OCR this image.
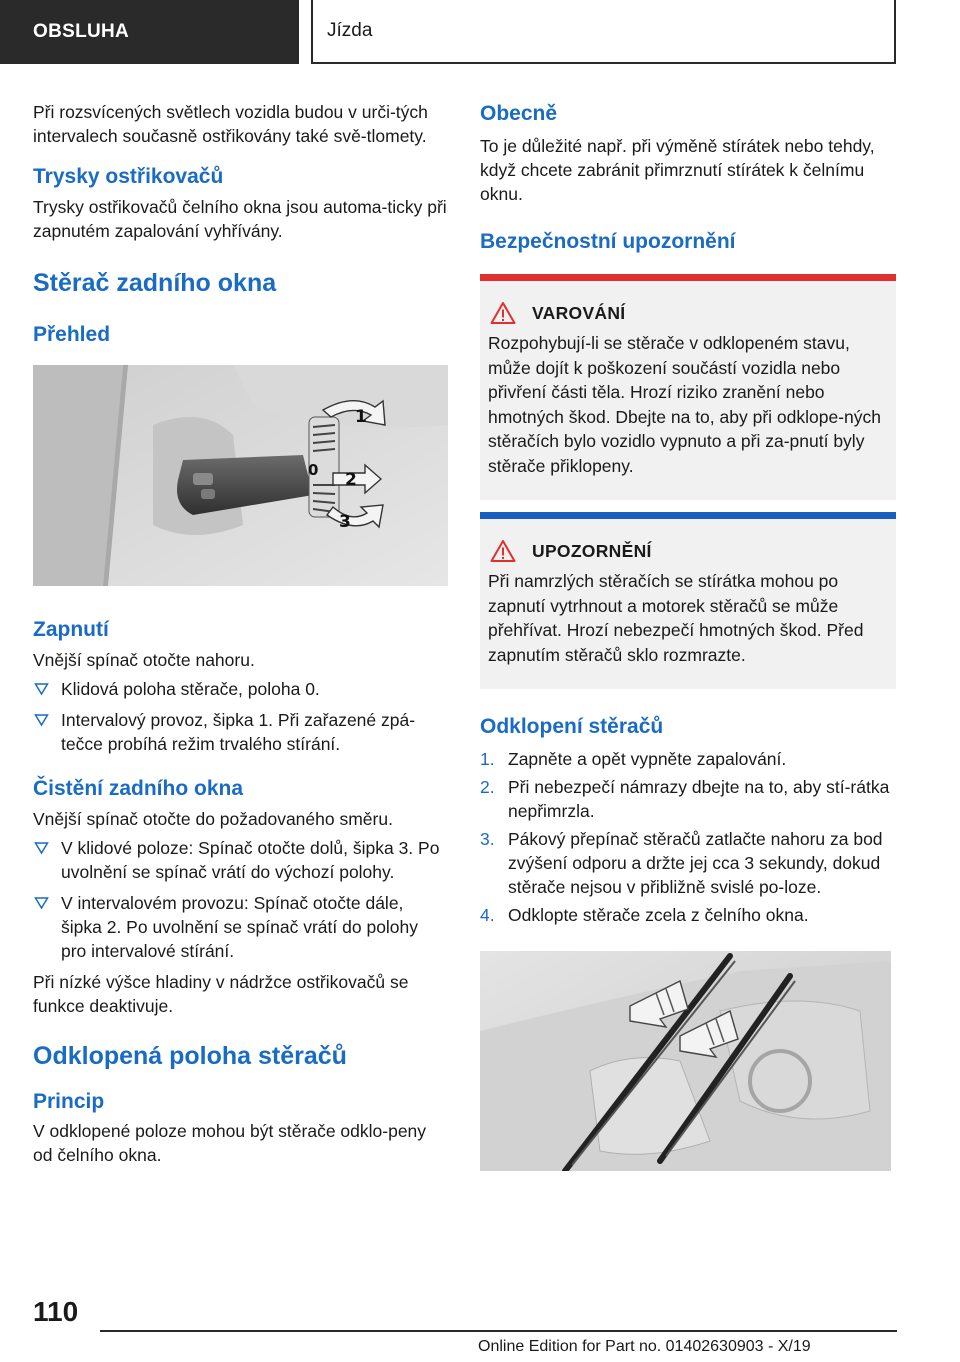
OBSLUHA	Jízda

Při rozsvícených světlech vozidla budou v urči-tých intervalech současně ostřikovány také svě-tlomety.

Trysky ostřikovačů

Trysky ostřikovačů čelního okna jsou automa-ticky při zapnutém zapalování vyhřívány.

Stěrač zadního okna
Přehled
1
0 2
3
Zapnutí

Vnější spínač otočte nahoru.

Klidová poloha stěrače, poloha 0.
Intervalový provoz, šipka 1. Při zařazené zpá-tečce probíhá režim trvalého stírání.
Čistění zadního okna

Vnější spínač otočte do požadovaného směru.

V klidové poloze: Spínač otočte dolů, šipka 3. Po uvolnění se spínač vrátí do výchozí polohy.
V intervalovém provozu: Spínač otočte dále, šipka 2. Po uvolnění se spínač vrátí do polohy pro intervalové stírání.

Při nízké výšce hladiny v nádržce ostřikovačů se funkce deaktivuje.

Odklopená poloha stěračů
Princip

V odklopené poloze mohou být stěrače odklo-peny od čelního okna.

Obecně

To je důležité např. při výměně stírátek nebo tehdy, když chcete zabránit přimrznutí stírátek k čelnímu oknu.

Bezpečnostní upozornění
VAROVÁNÍ

Rozpohybují-li se stěrače v odklopeném stavu, může dojít k poškození součástí vozidla nebo přivření části těla. Hrozí riziko zranění nebo hmotných škod. Dbejte na to, aby při odklope-ných stěračích bylo vozidlo vypnuto a při za-pnutí byly stěrače přiklopeny.

UPOZORNĚNÍ

Při namrzlých stěračích se stírátka mohou po zapnutí vytrhnout a motorek stěračů se může přehřívat. Hrozí nebezpečí hmotných škod. Před zapnutím stěračů sklo rozmrazte.

Odklopení stěračů
1. Zapněte a opět vypněte zapalování.
2. Při nebezpečí námrazy dbejte na to, aby stí-rátka nepřimrzla.
3. Pákový přepínač stěračů zatlačte nahoru za bod zvýšení odporu a držte jej cca 3 sekundy, dokud stěrače nejsou v přibližně svislé po-loze.
4. Odklopte stěrače zcela z čelního okna.
110
Online Edition for Part no. 01402630903 - X/19
